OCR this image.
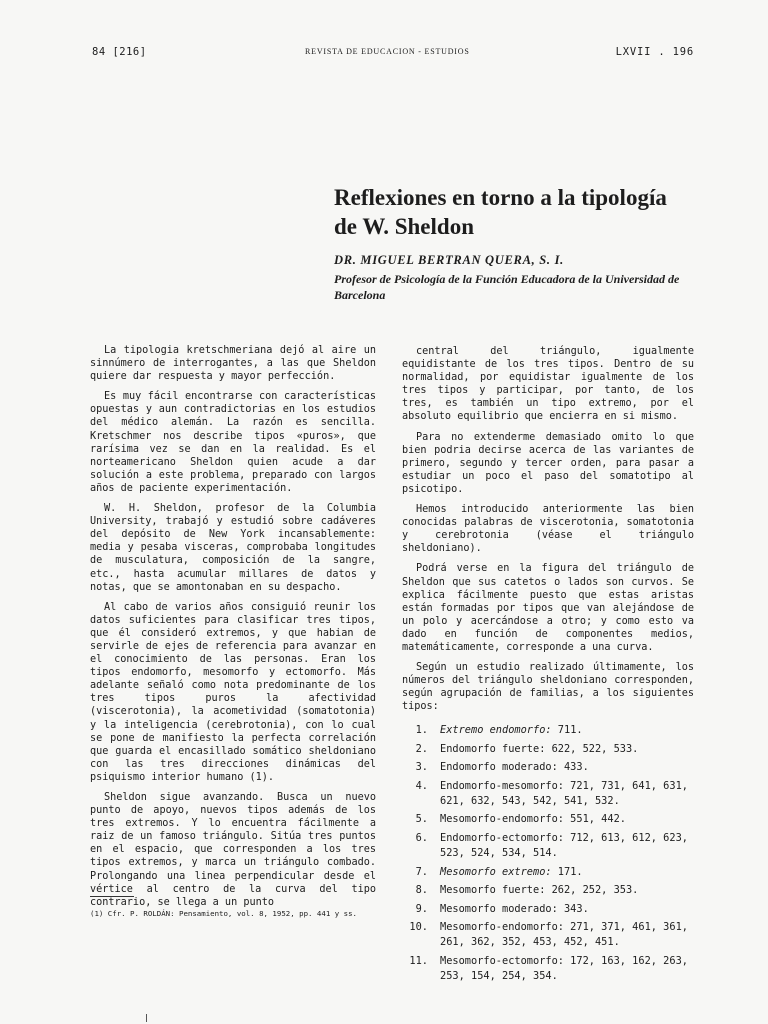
84 [216]	REVISTA DE EDUCACION - ESTUDIOS	LXVII . 196
Reflexiones en torno a la tipología de W. Sheldon
DR. MIGUEL BERTRAN QUERA, S. I.
Profesor de Psicología de la Función Educadora de la Universidad de Barcelona

La tipologia kretschmeriana dejó al aire un sinnúmero de interrogantes, a las que Sheldon quiere dar respuesta y mayor perfección.

Es muy fácil encontrarse con características opuestas y aun contradictorias en los estudios del médico alemán. La razón es sencilla. Kretschmer nos describe tipos «puros», que rarísima vez se dan en la realidad. Es el norteamericano Sheldon quien acude a dar solución a este problema, preparado con largos años de paciente experimentación.

W. H. Sheldon, profesor de la Columbia University, trabajó y estudió sobre cadáveres del depósito de New York incansablemente: media y pesaba visceras, comprobaba longitudes de musculatura, composición de la sangre, etc., hasta acumular millares de datos y notas, que se amontonaban en su despacho.

Al cabo de varios años consiguió reunir los datos suficientes para clasificar tres tipos, que él consideró extremos, y que habian de servirle de ejes de referencia para avanzar en el conocimiento de las personas. Eran los tipos endomorfo, mesomorfo y ectomorfo. Más adelante señaló como nota predominante de los tres tipos puros la afectividad (viscerotonia), la acometividad (somatotonia) y la inteligencia (cerebrotonia), con lo cual se pone de manifiesto la perfecta correlación que guarda el encasillado somático sheldoniano con las tres direcciones dinámicas del psiquismo interior humano (1).

Sheldon sigue avanzando. Busca un nuevo punto de apoyo, nuevos tipos además de los tres extremos. Y lo encuentra fácilmente a raiz de un famoso triángulo. Sitúa tres puntos en el espacio, que corresponden a los tres tipos extremos, y marca un triángulo combado. Prolongando una linea perpendicular desde el vértice al centro de la curva del tipo contrario, se llega a un punto

central del triángulo, igualmente equidistante de los tres tipos. Dentro de su normalidad, por equidistar igualmente de los tres tipos y participar, por tanto, de los tres, es también un tipo extremo, por el absoluto equilibrio que encierra en si mismo.

Para no extenderme demasiado omito lo que bien podria decirse acerca de las variantes de primero, segundo y tercer orden, para pasar a estudiar un poco el paso del somatotipo al psicotipo.

Hemos introducido anteriormente las bien conocidas palabras de viscerotonia, somatotonia y cerebrotonia (véase el triángulo sheldoniano).

Podrá verse en la figura del triángulo de Sheldon que sus catetos o lados son curvos. Se explica fácilmente puesto que estas aristas están formadas por tipos que van alejándose de un polo y acercándose a otro; y como esto va dado en función de componentes medios, matemáticamente, corresponde a una curva.

Según un estudio realizado últimamente, los números del triángulo sheldoniano corresponden, según agrupación de familias, a los siguientes tipos:

1. Extremo endomorfo: 711.
2. Endomorfo fuerte: 622, 522, 533.
3. Endomorfo moderado: 433.
4. Endomorfo-mesomorfo: 721, 731, 641, 631, 621, 632, 543, 542, 541, 532.
5. Mesomorfo-endomorfo: 551, 442.
6. Endomorfo-ectomorfo: 712, 613, 612, 623, 523, 524, 534, 514.
7. Mesomorfo extremo: 171.
8. Mesomorfo fuerte: 262, 252, 353.
9. Mesomorfo moderado: 343.
10. Mesomorfo-endomorfo: 271, 371, 461, 361, 261, 362, 352, 453, 452, 451.
11. Mesomorfo-ectomorfo: 172, 163, 162, 263, 253, 154, 254, 354.
(1) Cfr. P. ROLDÁN: Pensamiento, vol. 8, 1952, pp. 441 y ss.
